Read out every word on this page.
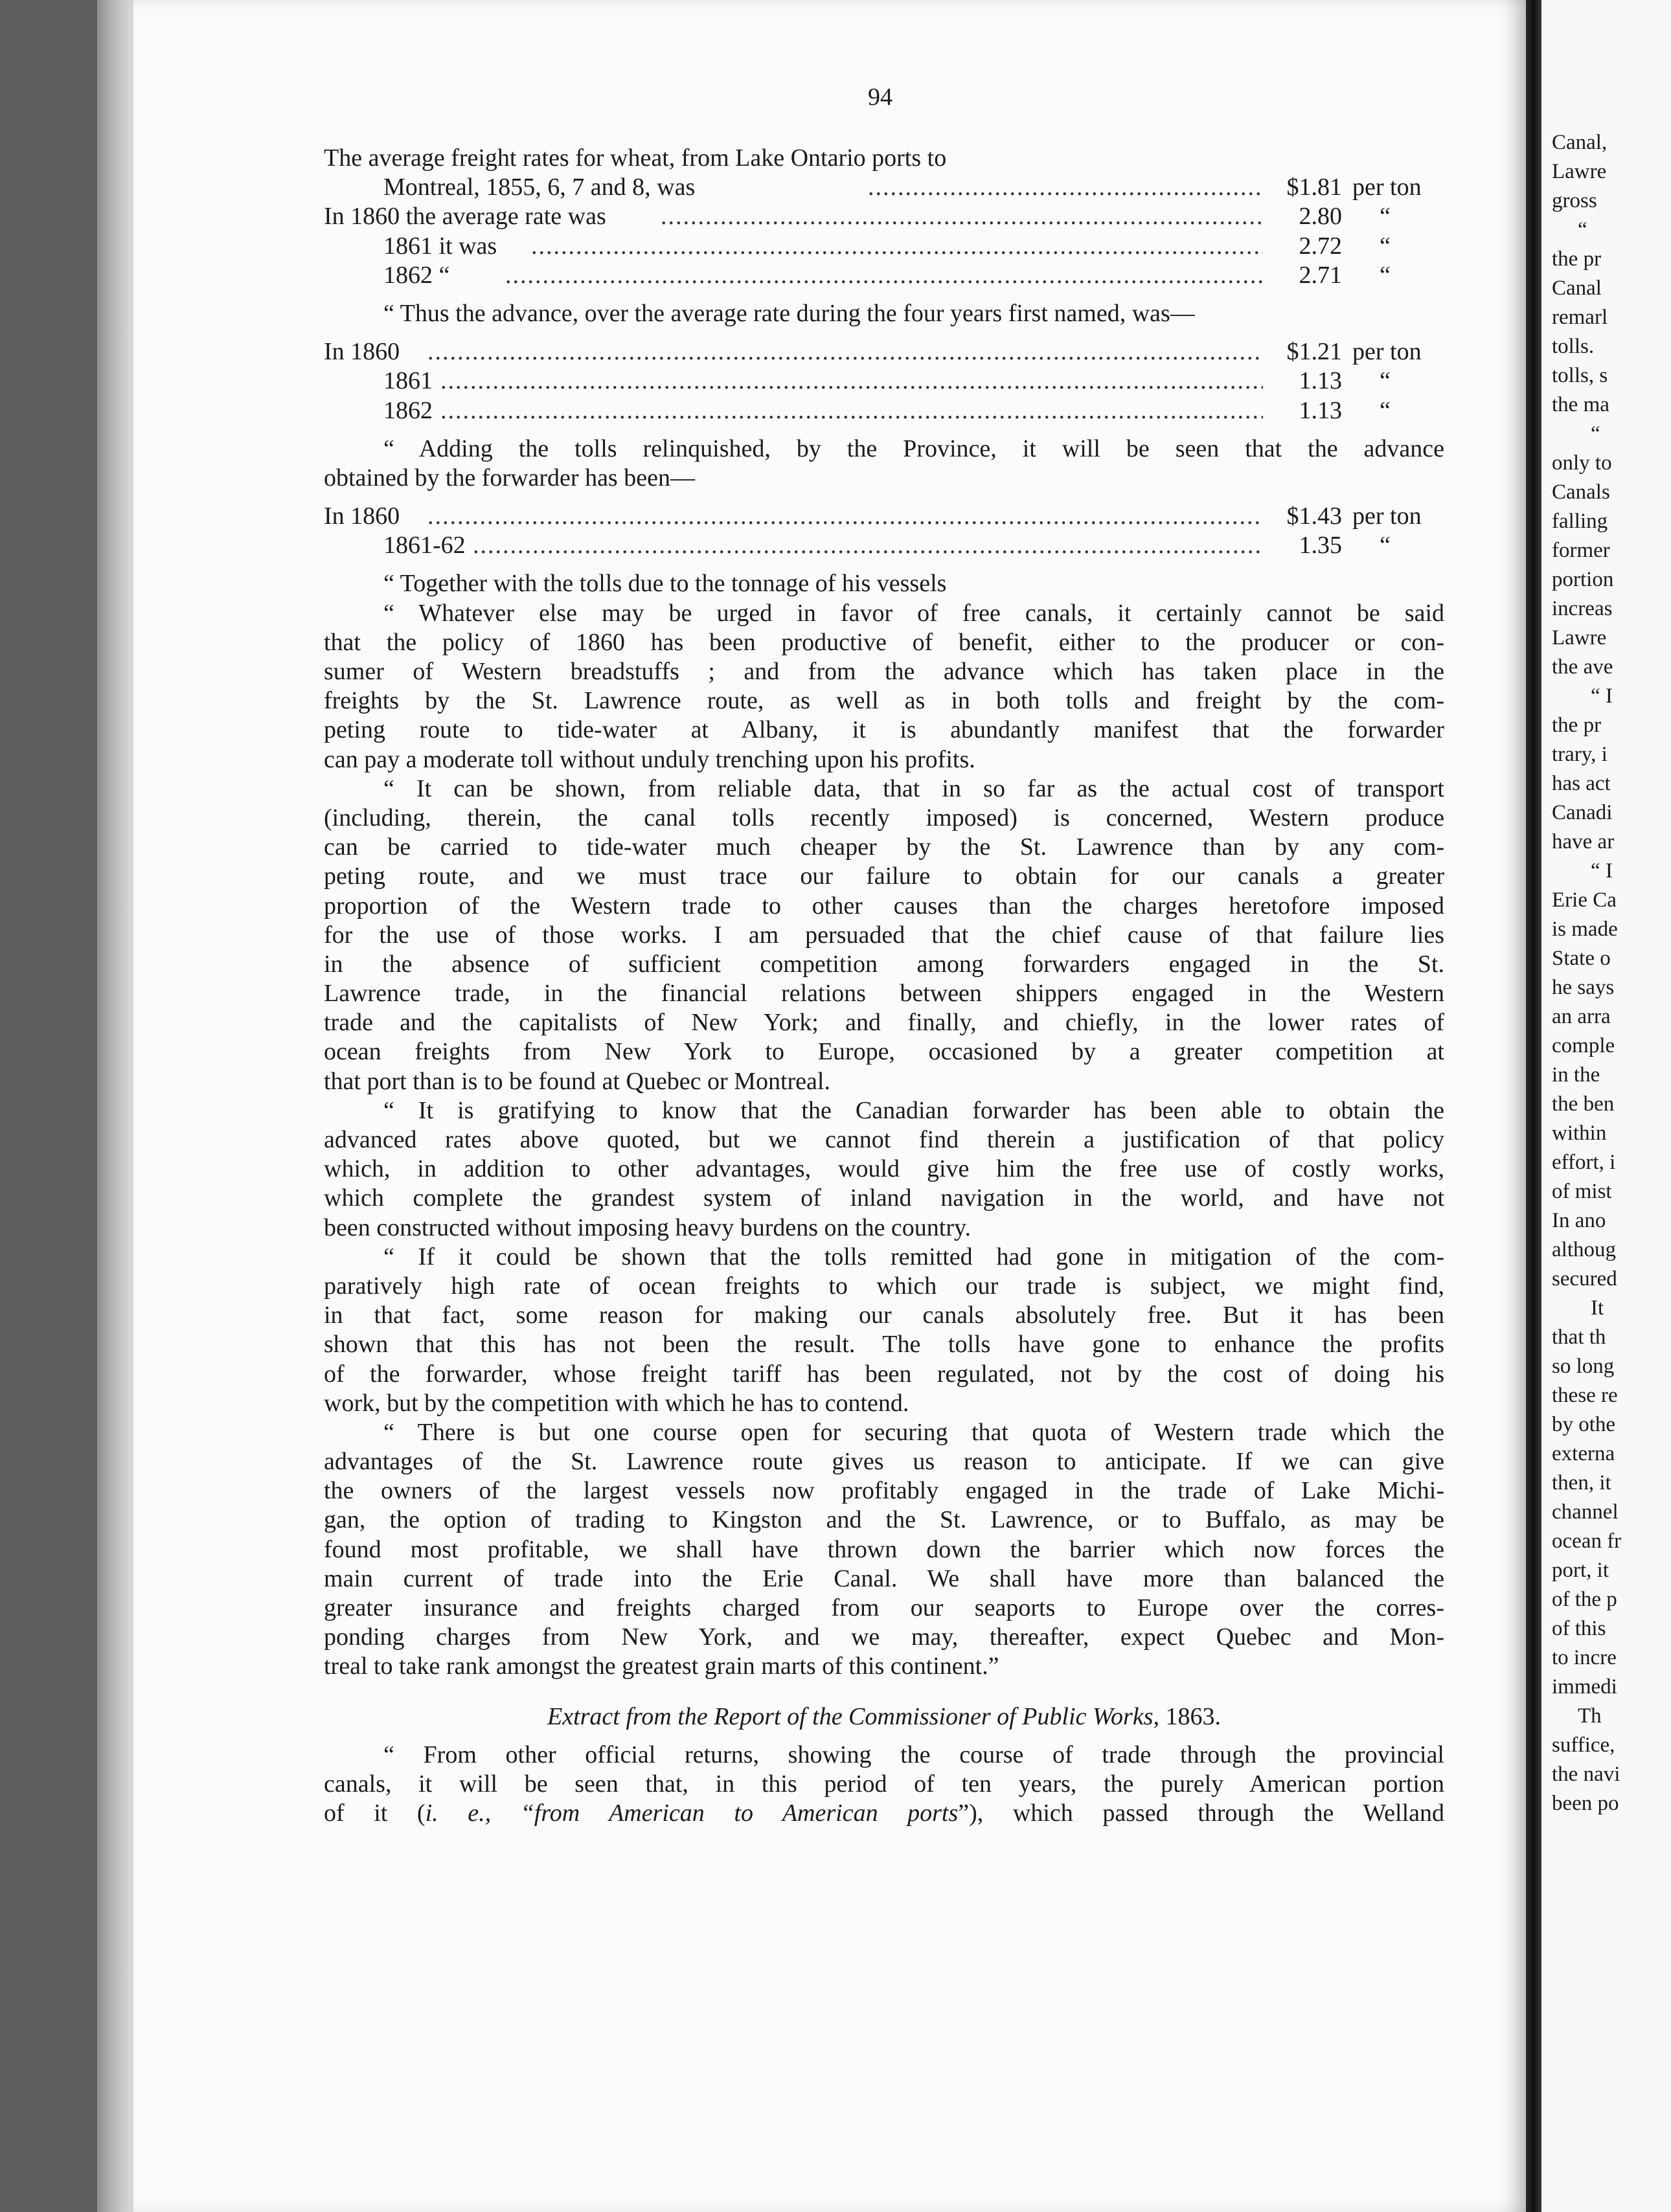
94
The average freight rates for wheat, from Lake Ontario ports to
Montreal, 1855, 6, 7 and 8, was .....	$1.81 per ton
In 1860 the average rate was .....	2.80 “
1861 it was .....	2.72 “
1862 “ .....	2.71 “
“ Thus the advance, over the average rate during the four years first named, was—
In 1860 .....	$1.21 per ton
1861 .....	1.13 “
1862 .....	1.13 “
“ Adding the tolls relinquished, by the Province, it will be seen that the advance
obtained by the forwarder has been—
In 1860 .....	$1.43 per ton
1861-62 .....	1.35 “
“ Together with the tolls due to the tonnage of his vessels
“ Whatever else may be urged in favor of free canals, it certainly cannot be said
that the policy of 1860 has been productive of benefit, either to the producer or con-
sumer of Western breadstuffs ; and from the advance which has taken place in the
freights by the St. Lawrence route, as well as in both tolls and freight by the com-
peting route to tide-water at Albany, it is abundantly manifest that the forwarder
can pay a moderate toll without unduly trenching upon his profits.
“ It can be shown, from reliable data, that in so far as the actual cost of transport
(including, therein, the canal tolls recently imposed) is concerned, Western produce
can be carried to tide-water much cheaper by the St. Lawrence than by any com-
peting route, and we must trace our failure to obtain for our canals a greater
proportion of the Western trade to other causes than the charges heretofore imposed
for the use of those works. I am persuaded that the chief cause of that failure lies
in the absence of sufficient competition among forwarders engaged in the St.
Lawrence trade, in the financial relations between shippers engaged in the Western
trade and the capitalists of New York; and finally, and chiefly, in the lower rates of
ocean freights from New York to Europe, occasioned by a greater competition at
that port than is to be found at Quebec or Montreal.
“ It is gratifying to know that the Canadian forwarder has been able to obtain the
advanced rates above quoted, but we cannot find therein a justification of that policy
which, in addition to other advantages, would give him the free use of costly works,
which complete the grandest system of inland navigation in the world, and have not
been constructed without imposing heavy burdens on the country.
“ If it could be shown that the tolls remitted had gone in mitigation of the com-
paratively high rate of ocean freights to which our trade is subject, we might find,
in that fact, some reason for making our canals absolutely free. But it has been
shown that this has not been the result. The tolls have gone to enhance the profits
of the forwarder, whose freight tariff has been regulated, not by the cost of doing his
work, but by the competition with which he has to contend.
“ There is but one course open for securing that quota of Western trade which the
advantages of the St. Lawrence route gives us reason to anticipate. If we can give
the owners of the largest vessels now profitably engaged in the trade of Lake Michi-
gan, the option of trading to Kingston and the St. Lawrence, or to Buffalo, as may be
found most profitable, we shall have thrown down the barrier which now forces the
main current of trade into the Erie Canal. We shall have more than balanced the
greater insurance and freights charged from our seaports to Europe over the corres-
ponding charges from New York, and we may, thereafter, expect Quebec and Mon-
treal to take rank amongst the greatest grain marts of this continent.”
Extract from the Report of the Commissioner of Public Works, 1863.
“ From other official returns, showing the course of trade through the provincial
canals, it will be seen that, in this period of ten years, the purely American portion
of it (i. e., “from American to American ports”), which passed through the Welland
Canal,
Lawre
gross
“
the pr
Canal
remarl
tolls.
tolls, s
the ma
“
only to
Canals
falling
former
portion
increas
Lawre
the ave
“ I
the pr
trary, i
has act
Canadi
have ar
“ I
Erie Ca
is made
State o
he says
an arra
comple
in the
the ben
within
effort, i
of mist
In ano
althoug
secured
It
that th
so long
these re
by othe
externa
then, it
channel
ocean fr
port, it
of the p
of this
to incre
immedi
Th
suffice,
the navi
been po
